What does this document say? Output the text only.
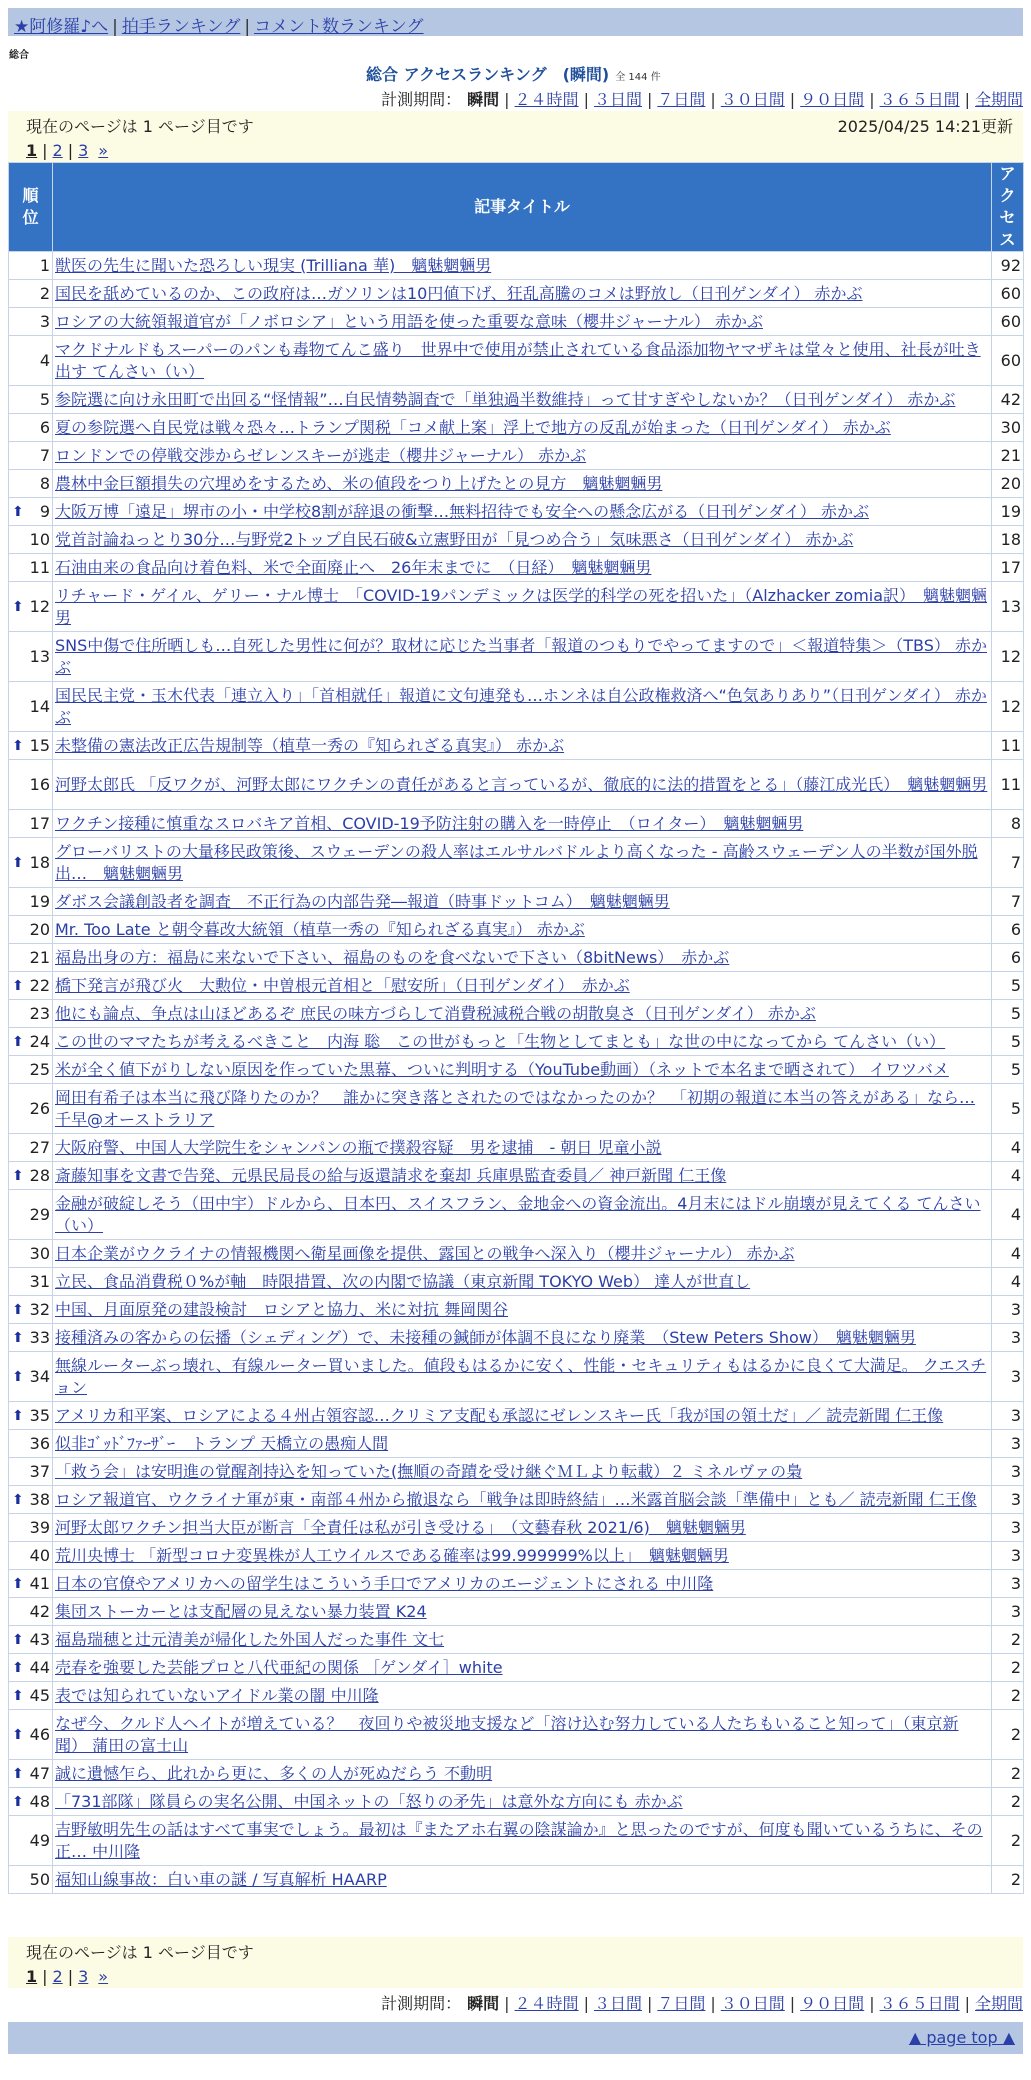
★阿修羅♪へ | 拍手ランキング | コメント数ランキング
総合
総合 アクセスランキング　(瞬間) 全 144 件
計測期間： 瞬間 | ２４時間 | ３日間 | ７日間 | ３０日間 | ９０日間 | ３６５日間 | 全期間
現在のページは 1 ページ目です	2025/04/25 14:21更新
1 | 2 | 3 »
順位	記事タイトル	アクセス
1	獣医の先生に聞いた恐ろしい現実 (Trilliana 華)　魑魅魍魎男	92
2	国民を舐めているのか、この政府は…ガソリンは10円値下げ、狂乱高騰のコメは野放し（日刊ゲンダイ） 赤かぶ	60
3	ロシアの大統領報道官が「ノボロシア」という用語を使った重要な意味（櫻井ジャーナル） 赤かぶ	60
4	マクドナルドもスーパーのパンも毒物てんこ盛り　世界中で使用が禁止されている食品添加物ヤマザキは堂々と使用、社長が吐き出す てんさい（い）	60
5	参院選に向け永田町で出回る“怪情報”…自民情勢調査で「単独過半数維持」って甘すぎやしないか？（日刊ゲンダイ） 赤かぶ	42
6	夏の参院選へ自民党は戦々恐々…トランプ関税「コメ献上案」浮上で地方の反乱が始まった（日刊ゲンダイ） 赤かぶ	30
7	ロンドンでの停戦交渉からゼレンスキーが逃走（櫻井ジャーナル） 赤かぶ	21
8	農林中金巨額損失の穴埋めをするため、米の値段をつり上げたとの見方　魑魅魍魎男	20

⬆ 9	大阪万博「遠足」堺市の小・中学校8割が辞退の衝撃…無料招待でも安全への懸念広がる（日刊ゲンダイ） 赤かぶ	19
10	党首討論ねっとり30分…与野党2トップ自民石破&立憲野田が「見つめ合う」気味悪さ（日刊ゲンダイ） 赤かぶ	18
11	石油由来の食品向け着色料、米で全面廃止へ　26年末までに　（日経）　魑魅魍魎男	17

⬆ 12	リチャード・ゲイル、ゲリー・ナル博士　「COVID-19パンデミックは医学的科学の死を招いた」（Alzhacker zomia訳）　魑魅魍魎男	13
13	SNS中傷で住所晒しも…自死した男性に何が？取材に応じた当事者「報道のつもりでやってますので」＜報道特集＞（TBS） 赤かぶ	12
14	国民民主党・玉木代表「連立入り」「首相就任」報道に文句連発も…ホンネは自公政権救済へ“色気ありあり”（日刊ゲンダイ） 赤かぶ	12

⬆ 15	未整備の憲法改正広告規制等（植草一秀の『知られざる真実』） 赤かぶ	11
16	河野太郎氏 「反ワクが、河野太郎にワクチンの責任があると言っているが、徹底的に法的措置をとる」（藤江成光氏）　魑魅魍魎男	11
17	ワクチン接種に慎重なスロバキア首相、COVID-19予防注射の購入を一時停止　（ロイター）　魑魅魍魎男	8

⬆ 18	グローバリストの大量移民政策後、スウェーデンの殺人率はエルサルバドルより高くなった - 高齢スウェーデン人の半数が国外脱出…　魑魅魍魎男	7
19	ダボス会議創設者を調査　不正行為の内部告発―報道（時事ドットコム）　魑魅魍魎男	7
20	Mr. Too Late と朝令暮改大統領（植草一秀の『知られざる真実』） 赤かぶ	6
21	福島出身の方：福島に来ないで下さい、福島のものを食べないで下さい（8bitNews）　赤かぶ	6

⬆ 22	橋下発言が飛び火　大勲位・中曽根元首相と「慰安所」（日刊ゲンダイ）　赤かぶ	5
23	他にも論点、争点は山ほどあるぞ 庶民の味方づらして消費税減税合戦の胡散臭さ（日刊ゲンダイ） 赤かぶ	5

⬆ 24	この世のママたちが考えるべきこと　内海 聡　この世がもっと「生物としてまとも」な世の中になってから てんさい（い）	5
25	米が全く値下がりしない原因を作っていた黒幕、ついに判明する（YouTube動画）（ネットで本名まで晒されて） イワツバメ	5
26	岡田有希子は本当に飛び降りたのか？　誰かに突き落とされたのではなかったのか？　「初期の報道に本当の答えがある」なら… 千早@オーストラリア	5
27	大阪府警、中国人大学院生をシャンパンの瓶で撲殺容疑　男を逮捕　- 朝日 児童小説	4

⬆ 28	斎藤知事を文書で告発、元県民局長の給与返還請求を棄却 兵庫県監査委員／ 神戸新聞 仁王像	4
29	金融が破綻しそう（田中宇）ドルから、日本円、スイスフラン、金地金への資金流出。4月末にはドル崩壊が見えてくる てんさい（い）	4
30	日本企業がウクライナの情報機関へ衛星画像を提供、露国との戦争へ深入り（櫻井ジャーナル） 赤かぶ	4
31	立民、食品消費税０%が軸　時限措置、次の内閣で協議（東京新聞 TOKYO Web） 達人が世直し	4

⬆ 32	中国、月面原発の建設検討　ロシアと協力、米に対抗 舞岡関谷	3

⬆ 33	接種済みの客からの伝播（シェディング）で、未接種の鍼師が体調不良になり廃業　（Stew Peters Show）　魑魅魍魎男	3

⬆ 34	無線ルーターぶっ壊れ、有線ルーター買いました。値段もはるかに安く、性能・セキュリティもはるかに良くて大満足。 クエスチョン	3

⬆ 35	アメリカ和平案、ロシアによる４州占領容認…クリミア支配も承認にゼレンスキー氏「我が国の領土だ」／ 読売新聞 仁王像	3
36	似非ｺﾞｯﾄﾞﾌｧｰｻﾞｰ　トランプ 天橋立の愚痴人間	3
37	「救う会」は安明進の覚醒剤持込を知っていた(撫順の奇蹟を受け継ぐＭＬより転載）２ ミネルヴァの梟	3

⬆ 38	ロシア報道官、ウクライナ軍が東・南部４州から撤退なら「戦争は即時終結」…米露首脳会談「準備中」とも／ 読売新聞 仁王像	3
39	河野太郎ワクチン担当大臣が断言「全責任は私が引き受ける」　（文藝春秋 2021/6)　魑魅魍魎男	3
40	荒川央博士 「新型コロナ変異株が人工ウイルスである確率は99.999999%以上」　魑魅魍魎男	3

⬆ 41	日本の官僚やアメリカへの留学生はこういう手口でアメリカのエージェントにされる 中川隆	3
42	集団ストーカーとは支配層の見えない暴力装置 K24	3

⬆ 43	福島瑞穂と辻元清美が帰化した外国人だった事件 文七	2

⬆ 44	売春を強要した芸能プロと八代亜紀の関係 ［ゲンダイ］white	2

⬆ 45	表では知られていないアイドル業の闇 中川隆	2

⬆ 46	なぜ今、クルド人ヘイトが増えている？　夜回りや被災地支援など「溶け込む努力している人たちもいること知って」（東京新聞） 蒲田の富士山	2

⬆ 47	誠に遺憾乍ら、此れから更に、多くの人が死ぬだらう 不動明	2

⬆ 48	「731部隊」隊員らの実名公開、中国ネットの「怒りの矛先」は意外な方向にも 赤かぶ	2
49	吉野敏明先生の話はすべて事実でしょう。最初は『またアホ右翼の陰謀論か』と思ったのですが、何度も聞いているうちに、その正… 中川隆	2
50	福知山線事故：白い車の謎 / 写真解析 HAARP	2
現在のページは 1 ページ目です
1 | 2 | 3 »
計測期間： 瞬間 | ２４時間 | ３日間 | ７日間 | ３０日間 | ９０日間 | ３６５日間 | 全期間
▲ page top ▲
